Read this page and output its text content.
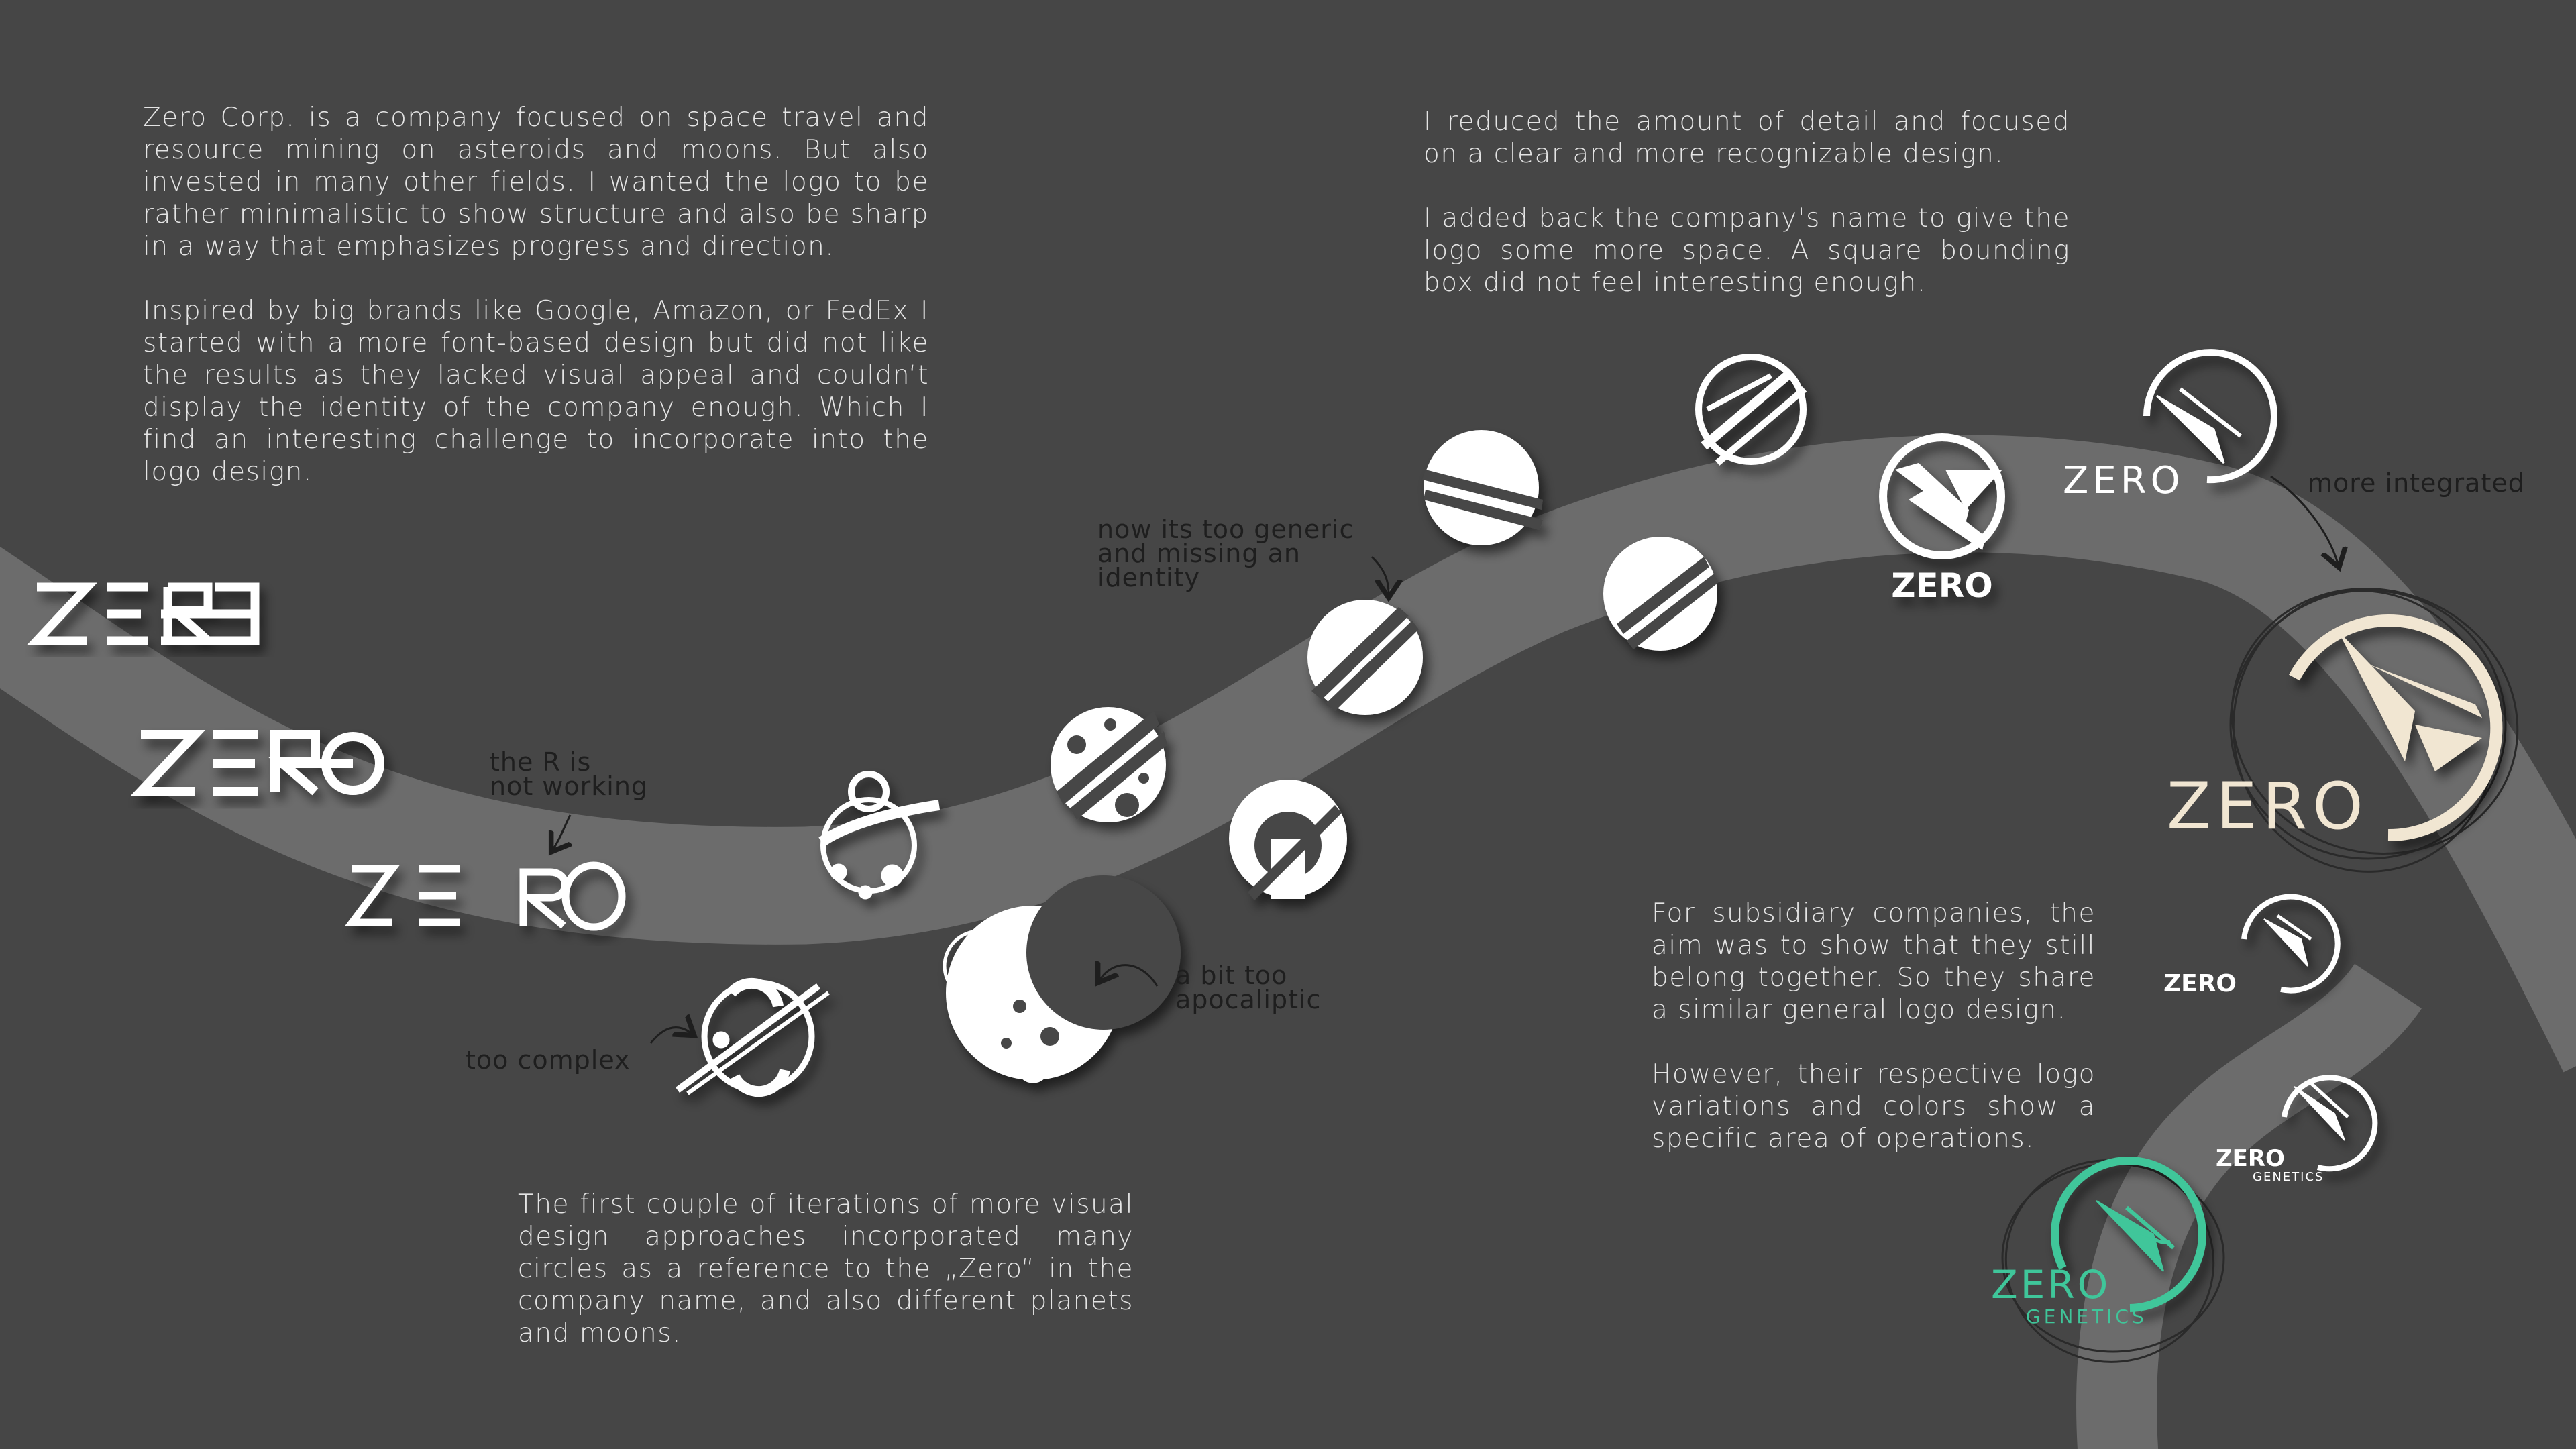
ZERO
ZERO
ZERO
ZERO
ZERO
GENETICS
ZERO
GENETICS

Zero Corp. is a company focused on space travel and resource mining on asteroids and moons. But also invested in many other fields. I wanted the logo to be rather minimalistic to show structure and also be sharp in a way that emphasizes progress and direction.

Inspired by big brands like Google, Amazon, or FedEx I started with a more font-based design but did not like the results as they lacked visual appeal and couldn‘t display the identity of the company enough. Which I find an interesting challenge to incorporate into the logo design.

The first couple of iterations of more visual design approaches incorporated many circles as a reference to the „Zero“ in the company name, and also different planets and moons.

I reduced the amount of detail and focused on a clear and more recognizable design.

I added back the company's name to give the logo some more space. A square bounding box did not feel interesting enough.

For subsidiary companies, the aim was to show that they still belong together. So they share a similar general logo design.

However, their respective logo variations and colors show a specific area of operations.

the R is
not working
too complex
a bit too
apocaliptic
now its too generic
and missing an
identity
more integrated
